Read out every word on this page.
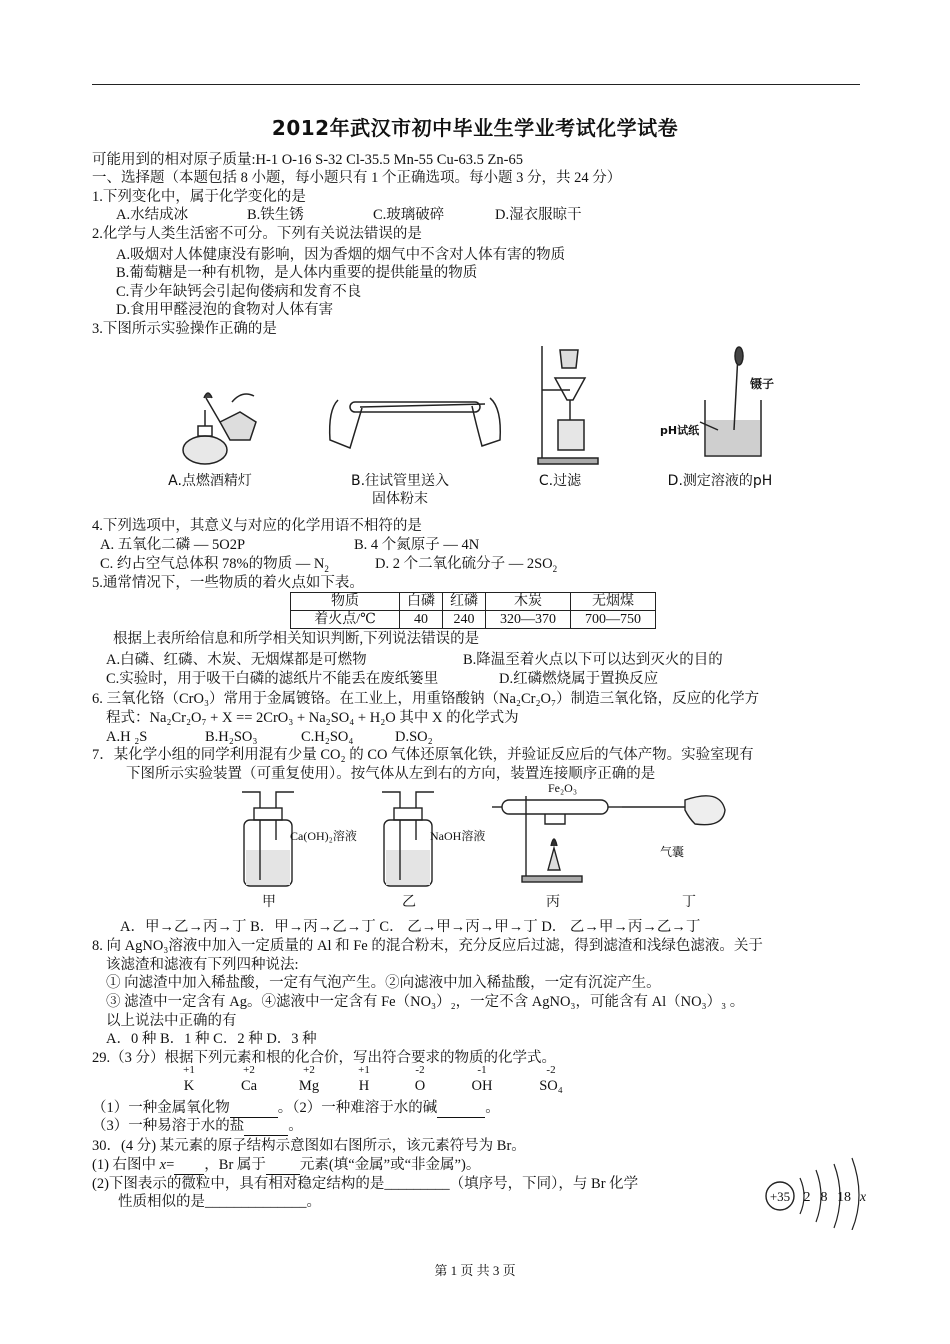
2012年武汉市初中毕业生学业考试化学试卷
可能用到的相对原子质量:H-1 O-16 S-32 Cl-35.5 Mn-55 Cu-63.5 Zn-65
一、选择题（本题包括 8 小题，每小题只有 1 个正确选项。每小题 3 分，共 24 分）
1.下列变化中，属于化学变化的是
A.水结成冰	B.铁生锈	C.玻璃破碎	D.湿衣服晾干
2.化学与人类生活密不可分。下列有关说法错误的是
A.吸烟对人体健康没有影响，因为香烟的烟气中不含对人体有害的物质
B.葡萄糖是一种有机物，是人体内重要的提供能量的物质
C.青少年缺钙会引起佝偻病和发育不良
D.食用甲醛浸泡的食物对人体有害
3.下图所示实验操作正确的是
镊子
pH试纸
A.点燃酒精灯	B.往试管里送入
固体粉末
C.过滤	D.测定溶液的pH
4.下列选项中，其意义与对应的化学用语不相符的是
A. 五氧化二磷 — 5O2P	B. 4 个氮原子 — 4N
C. 约占空气总体积 78%的物质 — $N_2$	D. 2 个二氧化硫分子 — $2SO_2$
5.通常情况下，一些物质的着火点如下表。
物质	白磷	红磷	木炭	无烟煤
着火点/℃	40	240	320—370	700—750
根据上表所给信息和所学相关知识判断,下列说法错误的是
A.白磷、红磷、木炭、无烟煤都是可燃物	B.降温至着火点以下可以达到灭火的目的
C.实验时，用于吸干白磷的滤纸片不能丢在废纸篓里	D.红磷燃烧属于置换反应
6. 三氧化铬（CrO₃）常用于金属镀铬。在工业上，用重铬酸钠（Na₂Cr₂O₇）制造三氧化铬，反应的化学方
程式：Na₂Cr₂O₇ + X == 2CrO₃ + Na₂SO₄ + H₂O 其中 X 的化学式为
A.H ₂S	B.H₂SO₃	C.H₂SO₄	D.SO₂
7．某化学小组的同学利用混有少量 CO₂ 的 CO 气体还原氧化铁，并验证反应后的气体产物。实验室现有
下图所示实验装置（可重复使用）。按气体从左到右的方向，装置连接顺序正确的是
Ca(OH)₂溶液	NaOH溶液
Fe₂O₃
气囊
甲	乙	丙	丁
A．甲→乙→丙→丁 B．甲→丙→乙→丁 C． 乙→甲→丙→甲→丁 D． 乙→甲→丙→乙→丁
8. 向 AgNO₃溶液中加入一定质量的 Al 和 Fe 的混合粉末，充分反应后过滤，得到滤渣和浅绿色滤液。关于
该滤渣和滤液有下列四种说法:
① 向滤渣中加入稀盐酸，一定有气泡产生。②向滤液中加入稀盐酸，一定有沉淀产生。
③ 滤渣中一定含有 Ag。④滤液中一定含有 Fe（NO₃）₂，一定不含 AgNO₃，可能含有 Al（NO₃）₃ 。
以上说法中正确的有
A．0 种 B．1 种 C．2 种 D．3 种
29.（3 分）根据下列元素和根的化合价，写出符合要求的物质的化学式。
+1	+2	+2	+1	-2	-1	-2
K	Ca	Mg	H	O	OH	SO₄
（1）一种金属氧化物	。（2）一种难溶于水的碱	。
（3）一种易溶于水的盐	。
30．(4 分) 某元素的原子结构示意图如右图所示，该元素符号为 Br。
(1) 右图中 x= ，Br 属于 元素(填“金属”或“非金属”)。
(2)下图表示的微粒中，具有相对稳定结构的是_________（填序号，下同），与 Br 化学
性质相似的是______________。	+35 2 8 18 x
第 1 页 共 3 页
